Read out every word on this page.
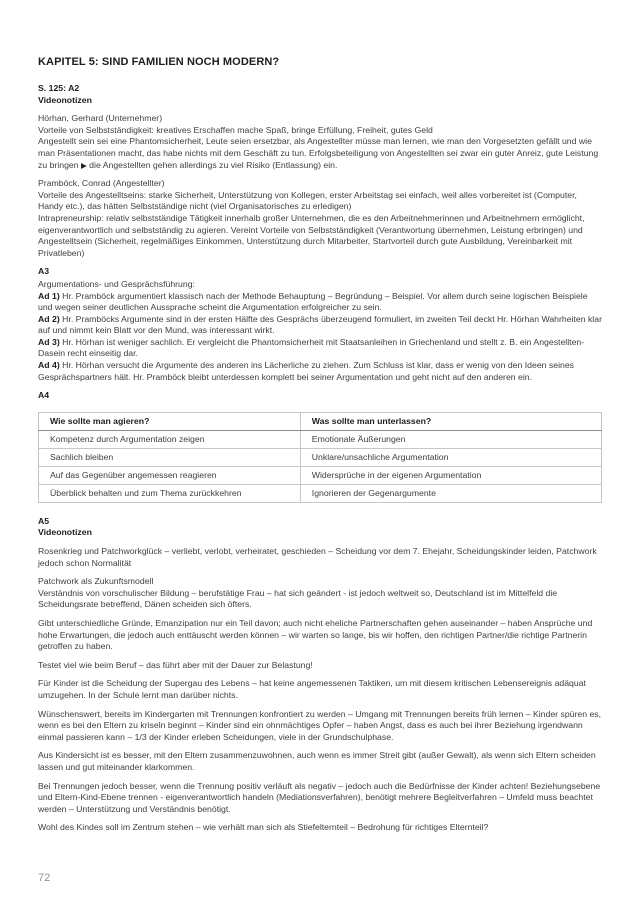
KAPITEL 5: SIND FAMILIEN NOCH MODERN?
S. 125: A2
Videonotizen

Hörhan, Gerhard (Unternehmer)
Vorteile von Selbstständigkeit: kreatives Erschaffen mache Spaß, bringe Erfüllung, Freiheit, gutes Geld
Angestellt sein sei eine Phantomsicherheit, Leute seien ersetzbar, als Angestellter müsse man lernen, wie man den Vorgesetzten gefällt und wie man Präsentationen macht, das habe nichts mit dem Geschäft zu tun. Erfolgsbeteiligung von Angestellten sei zwar ein guter Anreiz, gute Leistung zu bringen ▶ die Angestellten gehen allerdings zu viel Risiko (Entlassung) ein.

Pramböck, Conrad (Angestellter)
Vorteile des Angestelltseins: starke Sicherheit, Unterstützung von Kollegen, erster Arbeitstag sei einfach, weil alles vorbereitet ist (Computer, Handy etc.), das hätten Selbstständige nicht (viel Organisatorisches zu erledigen)
Intrapreneurship: relativ selbstständige Tätigkeit innerhalb großer Unternehmen, die es den Arbeitnehmerinnen und Arbeitnehmern ermöglicht, eigenverantwortlich und selbstständig zu agieren. Vereint Vorteile von Selbstständigkeit (Verantwortung übernehmen, Leistung erbringen) und Angestelltsein (Sicherheit, regelmäßiges Einkommen, Unterstützung durch Mitarbeiter, Startvorteil durch gute Ausbildung, Vereinbarkeit mit Privatleben)

A3

Argumentations- und Gesprächsführung:
Ad 1) Hr. Pramböck argumentiert klassisch nach der Methode Behauptung – Begründung – Beispiel. Vor allem durch seine logischen Beispiele und wegen seiner deutlichen Aussprache scheint die Argumentation erfolgreicher zu sein.
Ad 2) Hr. Pramböcks Argumente sind in der ersten Hälfte des Gesprächs überzeugend formuliert, im zweiten Teil deckt Hr. Hörhan Wahrheiten klar auf und nimmt kein Blatt vor den Mund, was interessant wirkt.
Ad 3) Hr. Hörhan ist weniger sachlich. Er vergleicht die Phantomsicherheit mit Staatsanleihen in Griechenland und stellt z. B. ein Angestellten-Dasein recht einseitig dar.
Ad 4) Hr. Hörhan versucht die Argumente des anderen ins Lächerliche zu ziehen. Zum Schluss ist klar, dass er wenig von den Ideen seines Gesprächspartners hält. Hr. Pramböck bleibt unterdessen komplett bei seiner Argumentation und geht nicht auf den anderen ein.

A4
Wie sollte man agieren?	Was sollte man unterlassen?
Kompetenz durch Argumentation zeigen	Emotionale Äußerungen
Sachlich bleiben	Unklare/unsachliche Argumentation
Auf das Gegenüber angemessen reagieren	Widersprüche in der eigenen Argumentation
Überblick behalten und zum Thema zurückkehren	Ignorieren der Gegenargumente
A5
Videonotizen

Rosenkrieg und Patchworkglück – verliebt, verlobt, verheiratet, geschieden – Scheidung vor dem 7. Ehejahr, Scheidungskinder leiden, Patchwork jedoch schon Normalität

Patchwork als Zukunftsmodell
Verständnis von vorschulischer Bildung – berufstätige Frau – hat sich geändert - ist jedoch weltweit so, Deutschland ist im Mittelfeld die Scheidungsrate betreffend, Dänen scheiden sich öfters.

Gibt unterschiedliche Gründe, Emanzipation nur ein Teil davon; auch nicht eheliche Partnerschaften gehen auseinander – haben Ansprüche und hohe Erwartungen, die jedoch auch enttäuscht werden können – wir warten so lange, bis wir hoffen, den richtigen Partner/die richtige Partnerin getroffen zu haben.

Testet viel wie beim Beruf – das führt aber mit der Dauer zur Belastung!

Für Kinder ist die Scheidung der Supergau des Lebens – hat keine angemessenen Taktiken, um mit diesem kritischen Lebensereignis adäquat umzugehen. In der Schule lernt man darüber nichts.

Wünschenswert, bereits im Kindergarten mit Trennungen konfrontiert zu werden – Umgang mit Trennungen bereits früh lernen – Kinder spüren es, wenn es bei den Eltern zu kriseln beginnt – Kinder sind ein ohnmächtiges Opfer – haben Angst, dass es auch bei ihrer Beziehung irgendwann einmal passieren kann – 1/3 der Kinder erleben Scheidungen, viele in der Grundschulphase.

Aus Kindersicht ist es besser, mit den Eltern zusammenzuwohnen, auch wenn es immer Streit gibt (außer Gewalt), als wenn sich Eltern scheiden lassen und gut miteinander klarkommen.

Bei Trennungen jedoch besser, wenn die Trennung positiv verläuft als negativ – jedoch auch die Bedürfnisse der Kinder achten! Beziehungsebene und Eltern-Kind-Ebene trennen - eigenverantwortlich handeln (Mediationsverfahren), benötigt mehrere Begleitverfahren – Umfeld muss beachtet werden – Unterstützung und Verständnis benötigt.

Wohl des Kindes soll im Zentrum stehen – wie verhält man sich als Stiefelternteil – Bedrohung für richtiges Elternteil?

72
